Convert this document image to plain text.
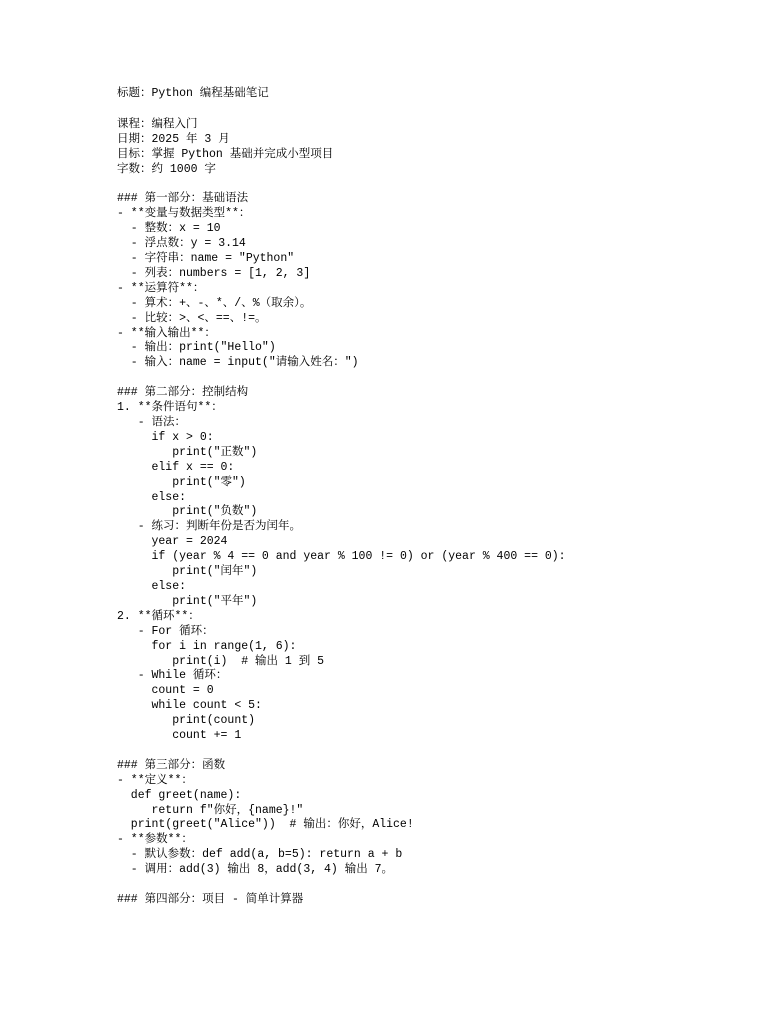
标题：Python 编程基础笔记
课程：编程入门
日期：2025 年 3 月
目标：掌握 Python 基础并完成小型项目
字数：约 1000 字
### 第一部分：基础语法
- **变量与数据类型**：
- 整数：x = 10
- 浮点数：y = 3.14
- 字符串：name = "Python"
- 列表：numbers = [1, 2, 3]
- **运算符**：
- 算术：+、-、*、/、%（取余）。
- 比较：>、<、==、!=。
- **输入输出**：
- 输出：print("Hello")
- 输入：name = input("请输入姓名：")
### 第二部分：控制结构
1. **条件语句**：
- 语法：
if x > 0:
print("正数")
elif x == 0:
print("零")
else:
print("负数")
- 练习：判断年份是否为闰年。
year = 2024
if (year % 4 == 0 and year % 100 != 0) or (year % 400 == 0):
print("闰年")
else:
print("平年")
2. **循环**：
- For 循环：
for i in range(1, 6):
print(i)  # 输出 1 到 5
- While 循环：
count = 0
while count < 5:
print(count)
count += 1
### 第三部分：函数
- **定义**：
def greet(name):
return f"你好，{name}!"
print(greet("Alice"))  # 输出：你好，Alice!
- **参数**：
- 默认参数：def add(a, b=5): return a + b
- 调用：add(3) 输出 8，add(3, 4) 输出 7。
### 第四部分：项目 - 简单计算器
